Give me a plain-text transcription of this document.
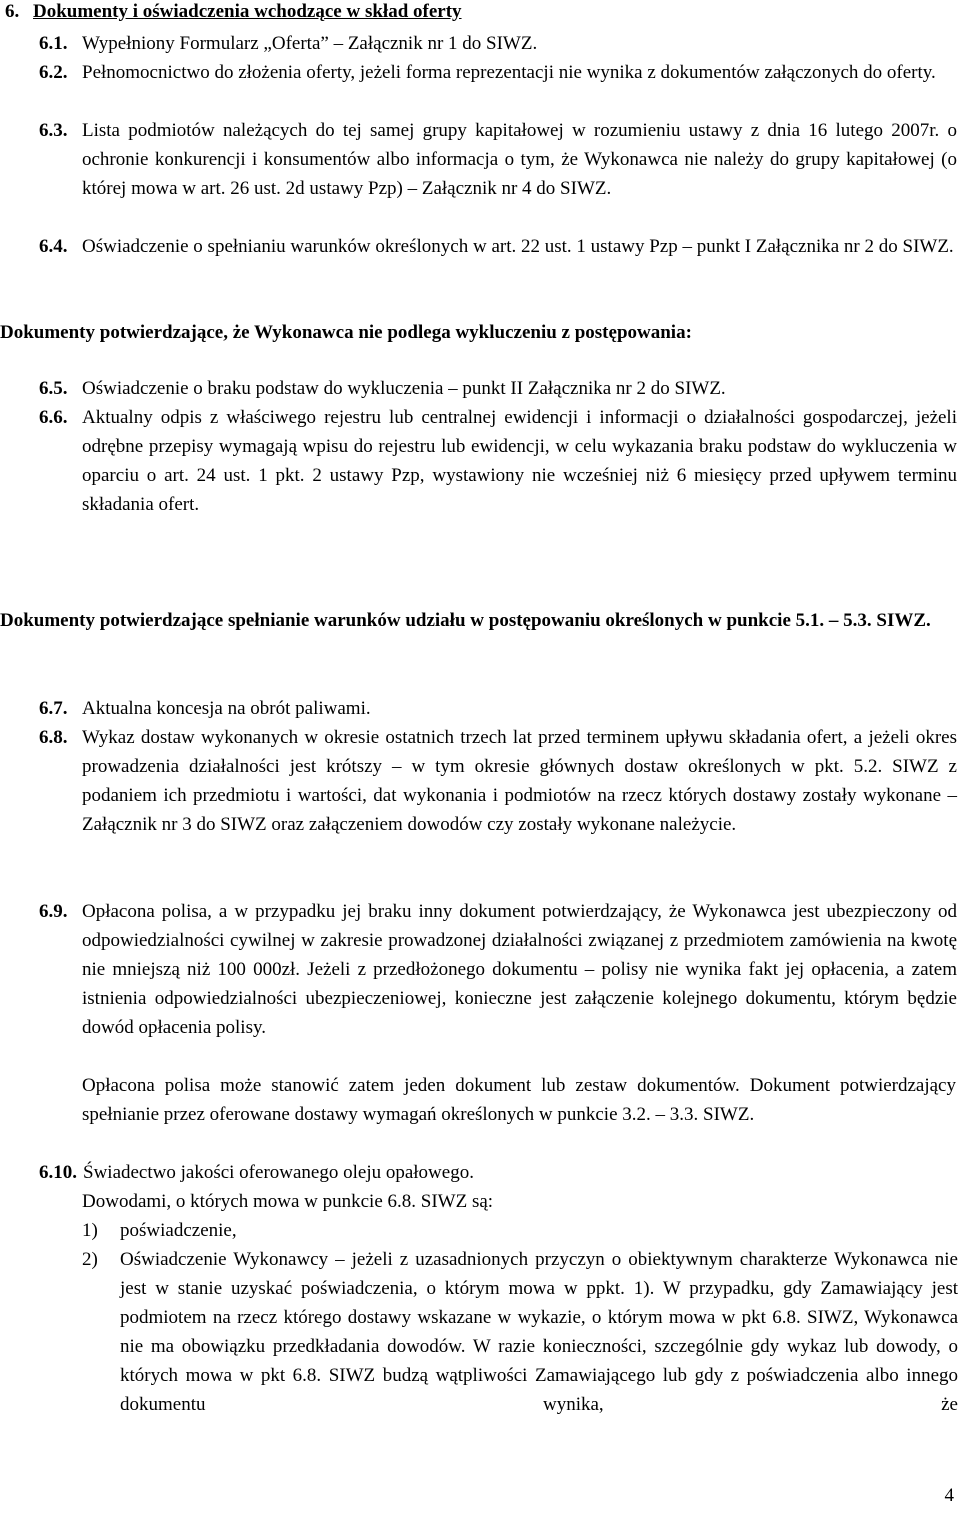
6. Dokumenty i oświadczenia wchodzące w skład oferty
6.1. Wypełniony Formularz „Oferta” – Załącznik nr 1 do SIWZ.
6.2. Pełnomocnictwo do złożenia oferty, jeżeli forma reprezentacji nie wynika z dokumentów załączonych do oferty.
6.3. Lista podmiotów należących do tej samej grupy kapitałowej w rozumieniu ustawy z dnia 16 lutego 2007r. o ochronie konkurencji i konsumentów albo informacja o tym, że Wykonawca nie należy do grupy kapitałowej (o której mowa w art. 26 ust. 2d ustawy Pzp) – Załącznik nr 4 do SIWZ.
6.4. Oświadczenie o spełnianiu warunków określonych w art. 22 ust. 1 ustawy Pzp – punkt I Załącznika nr 2 do SIWZ.
Dokumenty potwierdzające, że Wykonawca nie podlega wykluczeniu z postępowania:
6.5. Oświadczenie o braku podstaw do wykluczenia – punkt II Załącznika nr 2 do SIWZ.
6.6. Aktualny odpis z właściwego rejestru lub centralnej ewidencji i informacji o działalności gospodarczej, jeżeli odrębne przepisy wymagają wpisu do rejestru lub ewidencji, w celu wykazania braku podstaw do wykluczenia w oparciu o art. 24 ust. 1 pkt. 2 ustawy Pzp, wystawiony nie wcześniej niż 6 miesięcy przed upływem terminu składania ofert.
Dokumenty potwierdzające spełnianie warunków udziału w postępowaniu określonych w punkcie 5.1. – 5.3. SIWZ.
6.7. Aktualna koncesja na obrót paliwami.
6.8. Wykaz dostaw wykonanych w okresie ostatnich trzech lat przed terminem upływu składania ofert, a jeżeli okres prowadzenia działalności jest krótszy – w tym okresie głównych dostaw określonych w pkt. 5.2. SIWZ z podaniem ich przedmiotu i wartości, dat wykonania i podmiotów na rzecz których dostawy zostały wykonane – Załącznik nr 3 do SIWZ oraz załączeniem dowodów czy zostały wykonane należycie.
6.9. Opłacona polisa, a w przypadku jej braku inny dokument potwierdzający, że Wykonawca jest ubezpieczony od odpowiedzialności cywilnej w zakresie prowadzonej działalności związanej z przedmiotem zamówienia na kwotę nie mniejszą niż 100 000zł. Jeżeli z przedłożonego dokumentu – polisy nie wynika fakt jej opłacenia, a zatem istnienia odpowiedzialności ubezpieczeniowej, konieczne jest załączenie kolejnego dokumentu, którym będzie dowód opłacenia polisy.
Opłacona polisa może stanowić zatem jeden dokument lub zestaw dokumentów. Dokument potwierdzający spełnianie przez oferowane dostawy wymagań określonych w punkcie 3.2. – 3.3. SIWZ.
6.10. Świadectwo jakości oferowanego oleju opałowego.
Dowodami, o których mowa w punkcie 6.8. SIWZ są:
1) poświadczenie,
2) Oświadczenie Wykonawcy – jeżeli z uzasadnionych przyczyn o obiektywnym charakterze Wykonawca nie jest w stanie uzyskać poświadczenia, o którym mowa w ppkt. 1). W przypadku, gdy Zamawiający jest podmiotem na rzecz którego dostawy wskazane w wykazie, o którym mowa w pkt 6.8. SIWZ, Wykonawca nie ma obowiązku przedkładania dowodów. W razie konieczności, szczególnie gdy wykaz lub dowody, o których mowa w pkt 6.8. SIWZ budzą wątpliwości Zamawiającego lub gdy z poświadczenia albo innego dokumentu wynika, że
4
